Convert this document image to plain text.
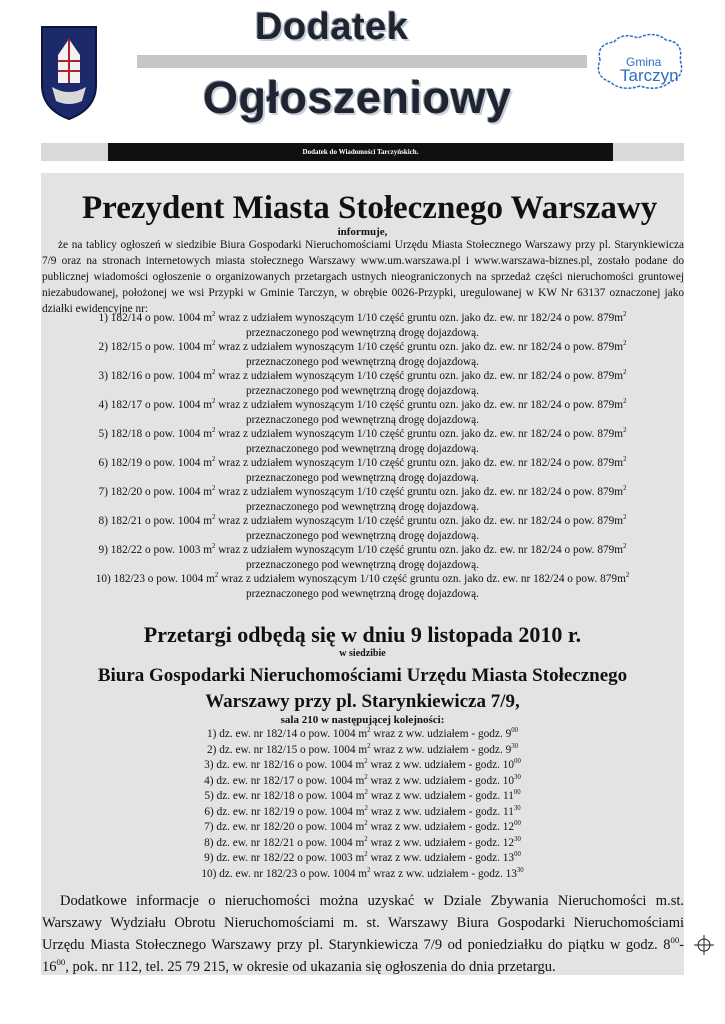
Dodatek
Ogłoszeniowy
Gmina
Tarczyn
Dodatek do Wiadomości Tarczyńskich.
Prezydent Miasta Stołecznego Warszawy
informuje,
że na tablicy ogłoszeń w siedzibie Biura Gospodarki Nieruchomościami Urzędu Miasta Stołecznego Warszawy przy pl. Starynkiewicza 7/9 oraz na stronach internetowych miasta stołecznego Warszawy www.um.warszawa.pl i www.warszawa-biznes.pl, zostało podane do publicznej wiadomości ogłoszenie o organizowanych przetargach ustnych nieograniczonych na sprzedaż części nieruchomości gruntowej niezabudowanej, położonej we wsi Przypki w Gminie Tarczyn, w obrębie 0026-Przypki, uregulowanej w KW Nr 63137 oznaczonej jako działki ewidencyjne nr:
1) 182/14 o pow. 1004 $m^2$ wraz z udziałem wynoszącym 1/10 część gruntu ozn. jako dz. ew. nr 182/24 o pow. $879m^2$
przeznaczonego pod wewnętrzną drogę dojazdową.
2) 182/15 o pow. 1004 $m^2$ wraz z udziałem wynoszącym 1/10 część gruntu ozn. jako dz. ew. nr 182/24 o pow. $879m^2$
przeznaczonego pod wewnętrzną drogę dojazdową.
3) 182/16 o pow. 1004 $m^2$ wraz z udziałem wynoszącym 1/10 część gruntu ozn. jako dz. ew. nr 182/24 o pow. $879m^2$
przeznaczonego pod wewnętrzną drogę dojazdową.
4) 182/17 o pow. 1004 $m^2$ wraz z udziałem wynoszącym 1/10 część gruntu ozn. jako dz. ew. nr 182/24 o pow. $879m^2$
przeznaczonego pod wewnętrzną drogę dojazdową.
5) 182/18 o pow. 1004 $m^2$ wraz z udziałem wynoszącym 1/10 część gruntu ozn. jako dz. ew. nr 182/24 o pow. $879m^2$
przeznaczonego pod wewnętrzną drogę dojazdową.
6) 182/19 o pow. 1004 $m^2$ wraz z udziałem wynoszącym 1/10 część gruntu ozn. jako dz. ew. nr 182/24 o pow. $879m^2$
przeznaczonego pod wewnętrzną drogę dojazdową.
7) 182/20 o pow. 1004 $m^2$ wraz z udziałem wynoszącym 1/10 część gruntu ozn. jako dz. ew. nr 182/24 o pow. $879m^2$
przeznaczonego pod wewnętrzną drogę dojazdową.
8) 182/21 o pow. 1004 $m^2$ wraz z udziałem wynoszącym 1/10 część gruntu ozn. jako dz. ew. nr 182/24 o pow. $879m^2$
przeznaczonego pod wewnętrzną drogę dojazdową.
9) 182/22 o pow. 1003 $m^2$ wraz z udziałem wynoszącym 1/10 część gruntu ozn. jako dz. ew. nr 182/24 o pow. $879m^2$
przeznaczonego pod wewnętrzną drogę dojazdową.
10) 182/23 o pow. 1004 $m^2$ wraz z udziałem wynoszącym 1/10 część gruntu ozn. jako dz. ew. nr 182/24 o pow. $879m^2$
przeznaczonego pod wewnętrzną drogę dojazdową.
Przetargi odbędą się w dniu 9 listopada 2010 r.
w siedzibie
Biura Gospodarki Nieruchomościami Urzędu Miasta Stołecznego
Warszawy przy pl. Starynkiewicza 7/9,
sala 210 w następującej kolejności:
1) dz. ew. nr 182/14 o pow. 1004 $m^2$ wraz z ww. udziałem - godz. $9^{00}$
2) dz. ew. nr 182/15 o pow. 1004 $m^2$ wraz z ww. udziałem - godz. $9^{30}$
3) dz. ew. nr 182/16 o pow. 1004 $m^2$ wraz z ww. udziałem - godz. $10^{00}$
4) dz. ew. nr 182/17 o pow. 1004 $m^2$ wraz z ww. udziałem - godz. $10^{30}$
5) dz. ew. nr 182/18 o pow. 1004 $m^2$ wraz z ww. udziałem - godz. $11^{00}$
6) dz. ew. nr 182/19 o pow. 1004 $m^2$ wraz z ww. udziałem - godz. $11^{30}$
7) dz. ew. nr 182/20 o pow. 1004 $m^2$ wraz z ww. udziałem - godz. $12^{00}$
8) dz. ew. nr 182/21 o pow. 1004 $m^2$ wraz z ww. udziałem - godz. $12^{30}$
9) dz. ew. nr 182/22 o pow. 1003 $m^2$ wraz z ww. udziałem - godz. $13^{00}$
10) dz. ew. nr 182/23 o pow. 1004 $m^2$ wraz z ww. udziałem - godz. $13^{30}$
Dodatkowe informacje o nieruchomości można uzyskać w Dziale Zbywania Nieruchomości m.st. Warszawy Wydziału Obrotu Nieruchomościami m. st. Warszawy Biura Gospodarki Nieruchomościami Urzędu Miasta Stołecznego Warszawy przy pl. Starynkiewicza 7/9 od poniedziałku do piątku w godz. $8^{00}-16^{00}$, pok. nr 112, tel. 25 79 215, w okresie od ukazania się ogłoszenia do dnia przetargu.
